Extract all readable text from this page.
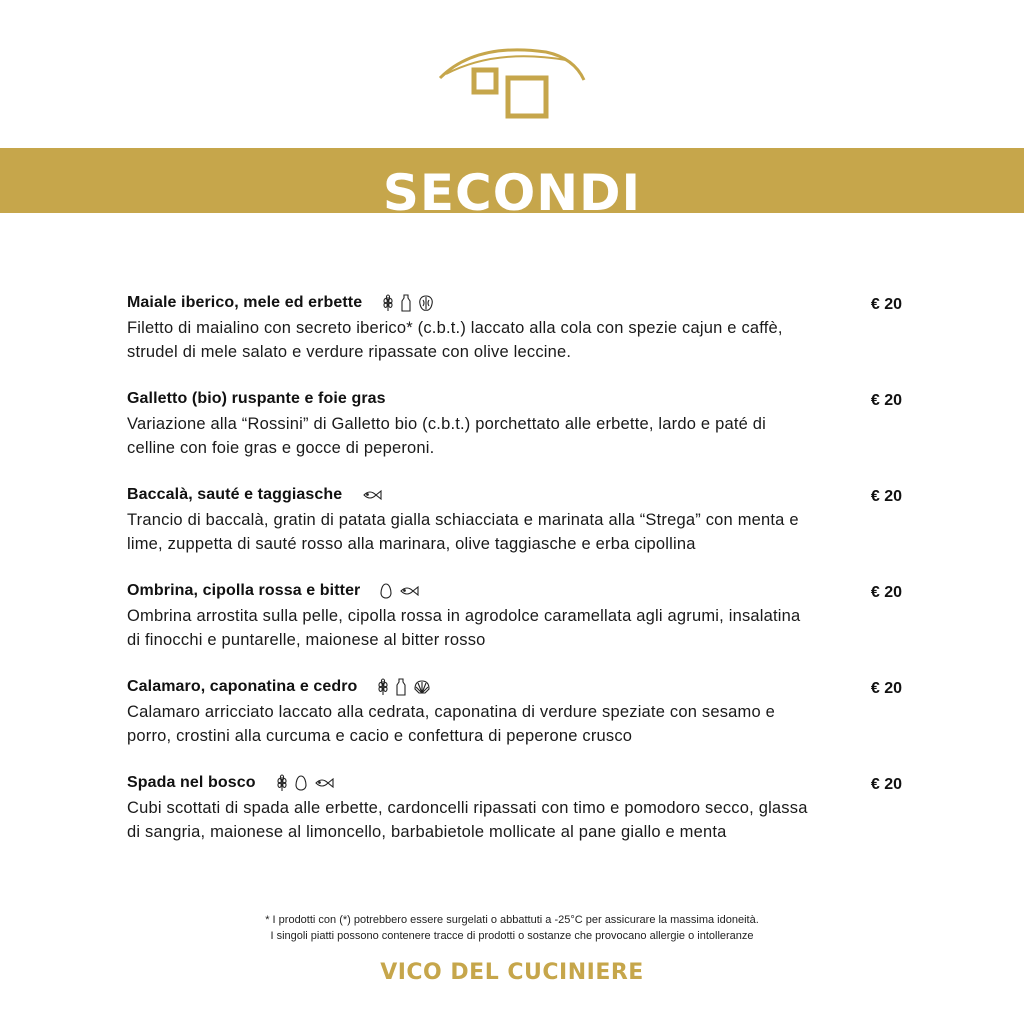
SECONDI
Maiale iberico, mele ed erbette

Filetto di maialino con secreto iberico* (c.b.t.) laccato alla cola con spezie cajun e caffè, strudel di mele salato e verdure ripassate con olive leccine.

€ 20
Galletto (bio) ruspante e foie gras

Variazione alla “Rossini” di Galletto bio (c.b.t.) porchettato alle erbette, lardo e paté di celline con foie gras e gocce di peperoni.

€ 20
Baccalà, sauté e taggiasche

Trancio di baccalà, gratin di patata gialla schiacciata e marinata alla “Strega” con menta e lime, zuppetta di sauté rosso alla marinara, olive taggiasche e erba cipollina

€ 20
Ombrina, cipolla rossa e bitter

Ombrina arrostita sulla pelle, cipolla rossa in agrodolce caramellata agli agrumi, insalatina di finocchi e puntarelle, maionese al bitter rosso

€ 20
Calamaro, caponatina e cedro

Calamaro arricciato laccato alla cedrata, caponatina di verdure speziate con sesamo e porro, crostini alla curcuma e cacio e confettura di peperone crusco

€ 20
Spada nel bosco

Cubi scottati di spada alle erbette, cardoncelli ripassati con timo e pomodoro secco, glassa di sangria, maionese al limoncello, barbabietole mollicate al pane giallo e menta

€ 20
* I prodotti con (*) potrebbero essere surgelati o abbattuti a -25°C per assicurare la massima idoneità.
I singoli piatti possono contenere tracce di prodotti o sostanze che provocano allergie o intolleranze
VICO DEL CUCINIERE
